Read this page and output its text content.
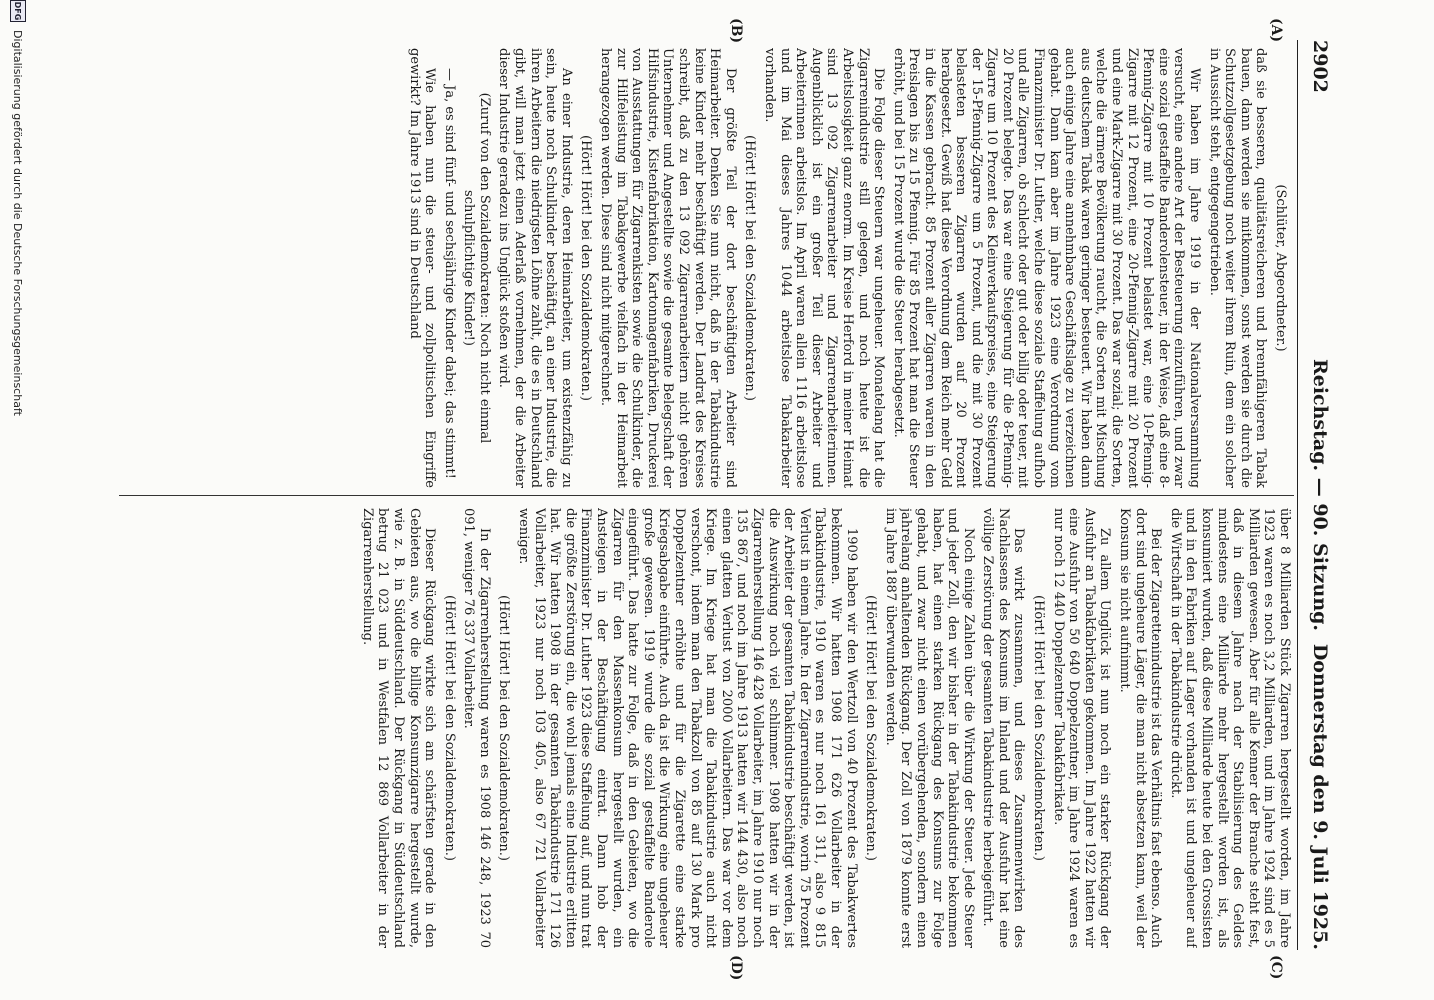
2902
Reichstag. — 90. Sitzung.
Donnerstag den 9. Juli 1925.
(A)
(B)
(C)
(D)

(Schlüter, Abgeordneter.)

daß sie besseren, qualitätsreicheren und brennfähigeren Tabak bauen, dann werden sie mitkommen, sonst werden sie durch die Schutzzollgesetzgebung noch weiter ihrem Ruin, dem ein solcher in Aussicht steht, entgegengetrieben.

Wir haben im Jahre 1919 in der Nationalversammlung versucht, eine andere Art der Besteuerung einzuführen, und zwar eine sozial gestaffelte Banderolensteuer, in der Weise, daß eine 8-Pfennig-Zigarre mit 10 Prozent belastet war, eine 10-Pfennig-Zigarre mit 12 Prozent, eine 20-Pfennig-Zigarre mit 20 Prozent und eine Mark-Zigarre mit 30 Prozent. Das war sozial; die Sorten, welche die ärmere Bevölkerung raucht, die Sorten mit Mischung aus deutschem Tabak waren geringer besteuert. Wir haben dann auch einige Jahre eine annehmbare Geschäftslage zu verzeichnen gehabt. Dann kam aber im Jahre 1923 eine Verordnung vom Finanzminister Dr. Luther, welche diese soziale Staffelung aufhob und alle Zigarren, ob schlecht oder gut oder billig oder teuer, mit 20 Prozent belegte. Das war eine Steigerung für die 8-Pfennig-Zigarre um 10 Prozent des Kleinverkaufspreises, eine Steigerung der 15-Pfennig-Zigarre um 5 Prozent, und die mit 30 Prozent belasteten besseren Zigarren wurden auf 20 Prozent herabgesetzt. Gewiß hat diese Verordnung dem Reich mehr Geld in die Kassen gebracht. 85 Prozent aller Zigarren waren in den Preislagen bis zu 15 Pfennig. Für 85 Prozent hat man die Steuer erhöht, und bei 15 Prozent wurde die Steuer herabgesetzt.

Die Folge dieser Steuern war ungeheuer. Monatelang hat die Zigarrenindustrie still gelegen, und noch heute ist die Arbeitslosigkeit ganz enorm. Im Kreise Herford in meiner Heimat sind 13 092 Zigarrenarbeiter und Zigarrenarbeiterinnen. Augenblicklich ist ein großer Teil dieser Arbeiter und Arbeiterinnen arbeitslos. Im April waren allein 1116 arbeitslose und im Mai dieses Jahres 1044 arbeitslose Tabakarbeiter vorhanden.

(Hört! Hört! bei den Sozialdemokraten.)

Der größte Teil der dort beschäftigten Arbeiter sind Heimarbeiter. Denken Sie nun nicht, daß in der Tabakindustrie keine Kinder mehr beschäftigt werden. Der Landrat des Kreises schreibt, daß zu den 13 092 Zigarrenarbeitern nicht gehören Unternehmer und Angestellte sowie die gesamte Belegschaft der Hilfsindustrie, Kistenfabrikation, Kartonnagenfabriken, Druckerei von Ausstattungen für Zigarrenkisten sowie die Schulkinder, die zur Hilfeleistung im Tabakgewerbe vielfach in der Heimarbeit herangezogen werden. Diese sind nicht mitgerechnet.

(Hört! Hört! bei den Sozialdemokraten.)

An einer Industrie, deren Heimarbeiter, um existenzfähig zu sein, heute noch Schulkinder beschäftigt, an einer Industrie, die ihren Arbeitern die niedrigsten Löhne zahlt, die es in Deutschland gibt, will man jetzt einen Aderlaß vornehmen, der die Arbeiter dieser Industrie geradezu ins Unglück stoßen wird.

(Zuruf von den Sozialdemokraten: Noch nicht einmal schulpflichtige Kinder!)

— Ja, es sind fünf- und sechsjährige Kinder dabei; das stimmt!

Wie haben nun die steuer- und zollpolitischen Eingriffe gewirkt? Im Jahre 1913 sind in Deutschland

über 8 Milliarden Stück Zigarren hergestellt worden, im Jahre 1923 waren es noch 3,2 Milliarden, und im Jahre 1924 sind es 5 Milliarden gewesen. Aber für alle Kenner der Branche steht fest, daß in diesem Jahre nach der Stabilisierung des Geldes mindestens eine Milliarde mehr hergestellt worden ist, als konsumiert wurden, daß diese Milliarde heute bei den Grossisten und in den Fabriken auf Lager vorhanden ist und ungeheuer auf die Wirtschaft in der Tabakindustrie drückt.

Bei der Zigarettenindustrie ist das Verhältnis fast ebenso. Auch dort sind ungeheure Läger, die man nicht absetzen kann, weil der Konsum sie nicht aufnimmt.

Zu allem Unglück ist nun noch ein starker Rückgang der Ausfuhr an Tabakfabrikaten gekommen. Im Jahre 1922 hatten wir eine Ausfuhr von 50 640 Doppelzentner, im Jahre 1924 waren es nur noch 12 440 Doppelzentner Tabakfabrikate.

(Hört! Hört! bei den Sozialdemokraten.)

Das wirkt zusammen, und dieses Zusammenwirken des Nachlassens des Konsums im Inland und der Ausfuhr hat eine völlige Zerstörung der gesamten Tabakindustrie herbeigeführt.

Noch einige Zahlen über die Wirkung der Steuer. Jede Steuer und jeder Zoll, den wir bisher in der Tabakindustrie bekommen haben, hat einen starken Rückgang des Konsums zur Folge gehabt, und zwar nicht einen vorübergehenden, sondern einen jahrelang anhaltenden Rückgang. Der Zoll von 1879 konnte erst im Jahre 1887 überwunden werden.

(Hört! Hört! bei den Sozialdemokraten.)

1909 haben wir den Wertzoll von 40 Prozent des Tabakwertes bekommen. Wir hatten 1908 171 626 Vollarbeiter in der Tabakindustrie, 1910 waren es nur noch 161 311, also 9 815 Verlust in einem Jahre. In der Zigarrenindustrie, worin 75 Prozent der Arbeiter der gesamten Tabakindustrie beschäftigt werden, ist die Auswirkung noch viel schlimmer. 1908 hatten wir in der Zigarrenherstellung 146 428 Vollarbeiter, im Jahre 1910 nur noch 135 867, und noch im Jahre 1913 hatten wir 144 430, also noch einen glatten Verlust von 2000 Vollarbeitern. Das war vor dem Kriege. Im Kriege hat man die Tabakindustrie auch nicht verschont, indem man den Tabakzoll von 85 auf 130 Mark pro Doppelzentner erhöhte und für die Zigarette eine starke Kriegsabgabe einführte. Auch da ist die Wirkung eine ungeheuer große gewesen. 1919 wurde die sozial gestaffelte Banderole eingeführt. Das hatte zur Folge, daß in den Gebieten, wo die Zigarren für den Massenkonsum hergestellt wurden, ein Ansteigen in der Beschäftigung eintrat. Dann hob der Finanzminister Dr. Luther 1923 diese Staffelung auf, und nun trat die größte Zerstörung ein, die wohl jemals eine Industrie erlitten hat. Wir hatten 1908 in der gesamten Tabakindustrie 171 126 Vollarbeiter, 1923 nur noch 103 405, also 67 721 Vollarbeiter weniger.

(Hört! Hört! bei den Sozialdemokraten.)

In der Zigarrenherstellung waren es 1908 146 248, 1923 70 091, weniger 76 337 Vollarbeiter.

(Hört! Hört! bei den Sozialdemokraten.)

Dieser Rückgang wirkte sich am schärfsten gerade in den Gebieten aus, wo die billige Konsumzigarre hergestellt wurde, wie z. B. in Süddeutschland. Der Rückgang in Süddeutschland betrug 21 023 und in Westfalen 12 869 Vollarbeiter in der Zigarrenherstellung.

DFG
Digitalisierung gefördert durch die Deutsche Forschungsgemeinschaft
